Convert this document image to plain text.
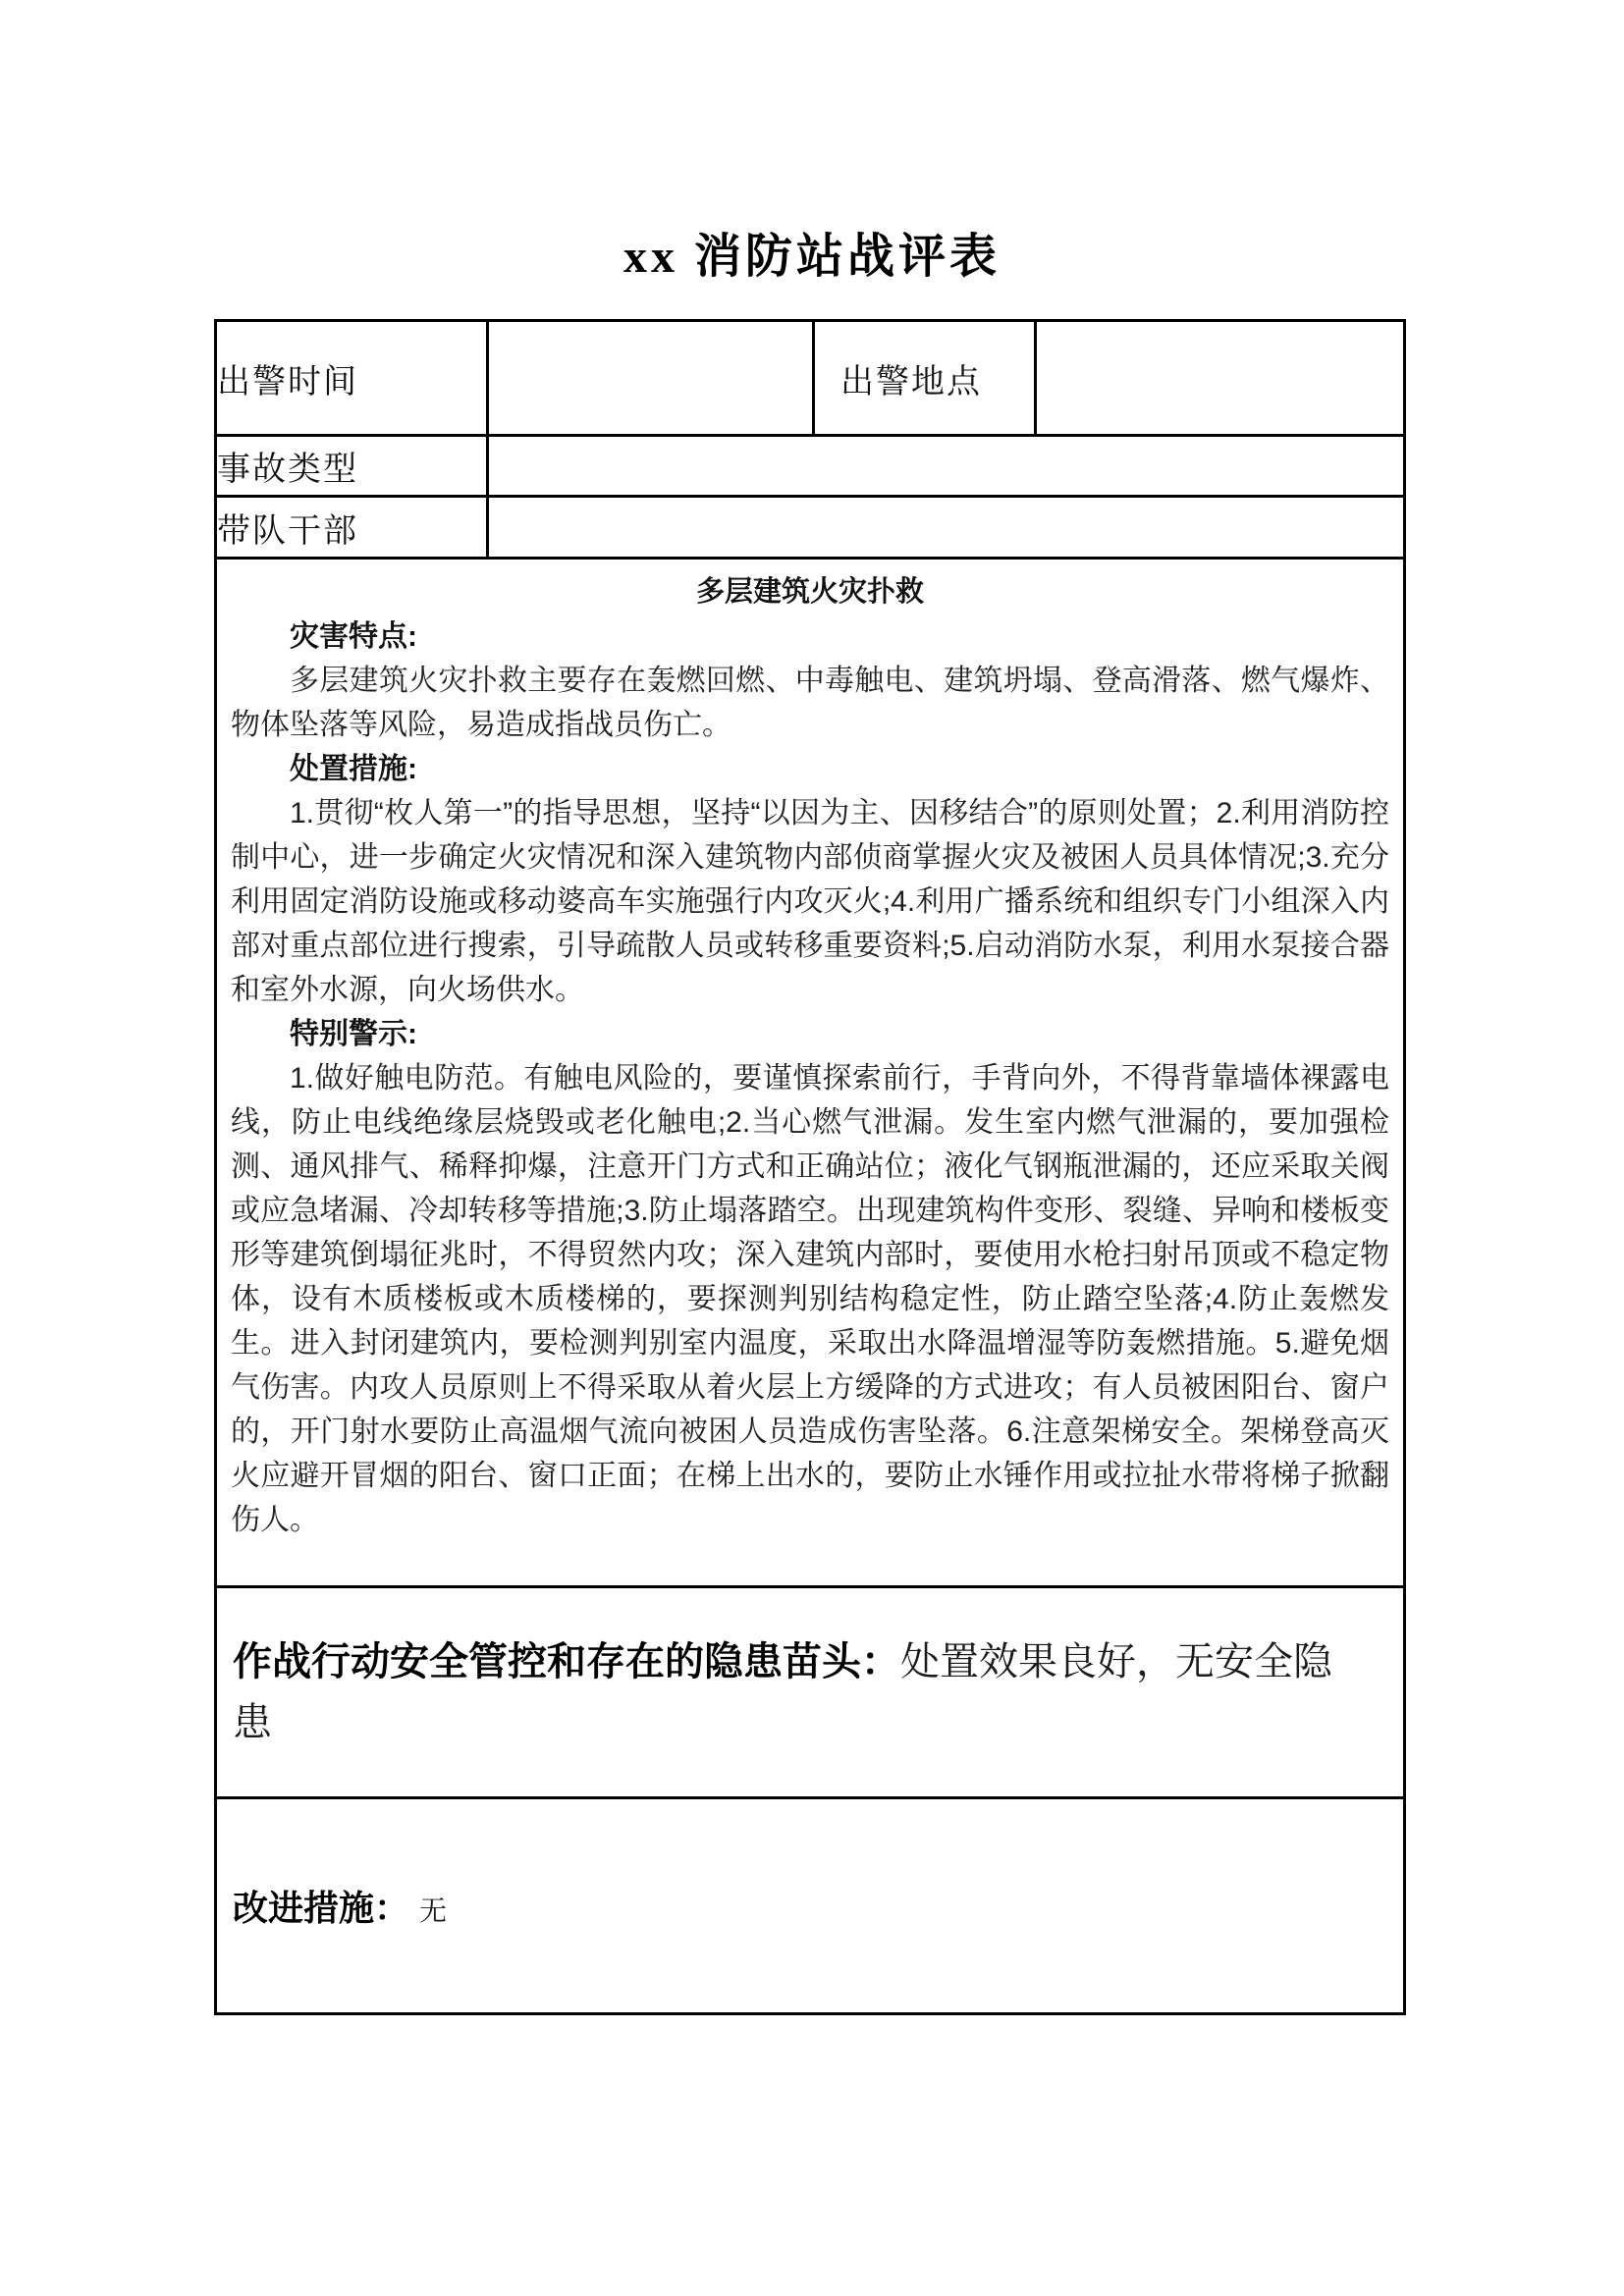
xx 消防站战评表
出警时间		出警地点	
事故类型			
带队干部			

多层建筑火灾扑救
灾害特点:

多层建筑火灾扑救主要存在轰燃回燃、中毒触电、建筑坍塌、登高滑落、燃气爆炸、物体坠落等风险，易造成指战员伤亡。

处置措施:

1.贯彻“枚人第一”的指导思想，坚持“以因为主、因移结合”的原则处置；2.利用消防控制中心，进一步确定火灾情况和深入建筑物内部侦商掌握火灾及被困人员具体情况;3.充分利用固定消防设施或移动婆高车实施强行内攻灭火;4.利用广播系统和组织专门小组深入内部对重点部位进行搜索，引导疏散人员或转移重要资料;5.启动消防水泵，利用水泵接合器和室外水源，向火场供水。

特别警示:

1.做好触电防范。有触电风险的，要谨慎探索前行，手背向外，不得背靠墙体裸露电线，防止电线绝缘层烧毁或老化触电;2.当心燃气泄漏。发生室内燃气泄漏的，要加强检测、通风排气、稀释抑爆，注意开门方式和正确站位；液化气钢瓶泄漏的，还应采取关阀或应急堵漏、冷却转移等措施;3.防止塌落踏空。出现建筑构件变形、裂缝、异响和楼板变形等建筑倒塌征兆时，不得贸然内攻；深入建筑内部时，要使用水枪扫射吊顶或不稳定物体，设有木质楼板或木质楼梯的，要探测判别结构稳定性，防止踏空坠落;4.防止轰燃发生。进入封闭建筑内，要检测判别室内温度，采取出水降温增湿等防轰燃措施。5.避免烟气伤害。内攻人员原则上不得采取从着火层上方缓降的方式进攻；有人员被困阳台、窗户的，开门射水要防止高温烟气流向被困人员造成伤害坠落。6.注意架梯安全。架梯登高灭火应避开冒烟的阳台、窗口正面；在梯上出水的，要防止水锤作用或拉扯水带将梯子掀翻伤人。

作战行动安全管控和存在的隐患苗头：处置效果良好，无安全隐患			
改进措施： 无			
